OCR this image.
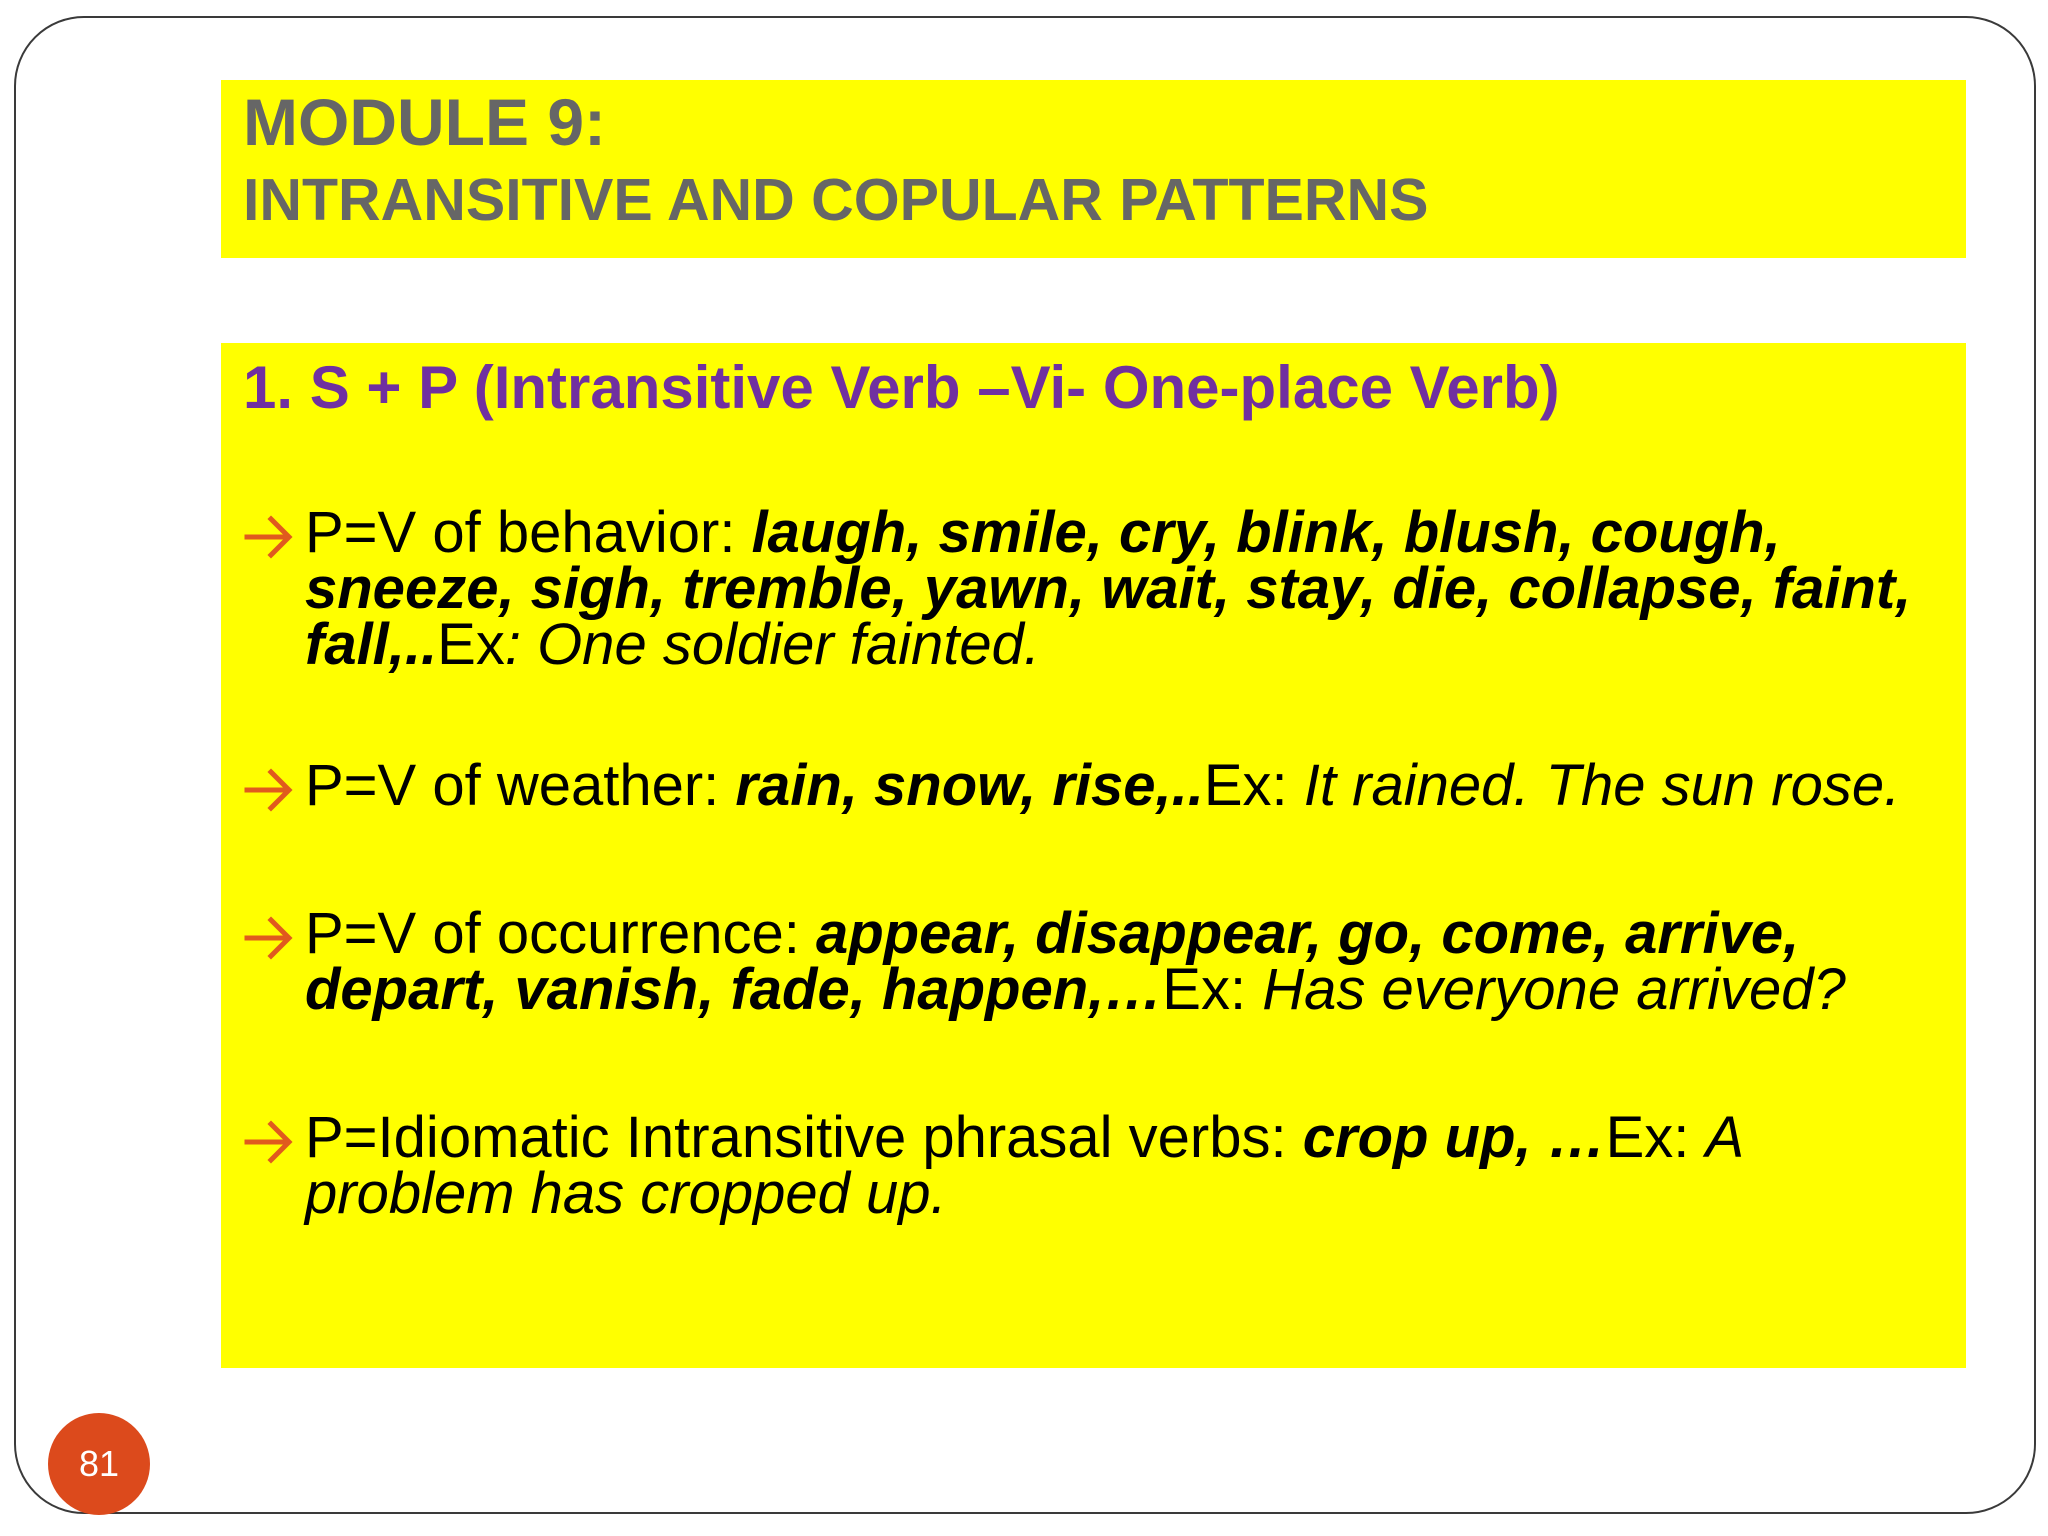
MODULE 9:
INTRANSITIVE AND COPULAR PATTERNS
1. S + P (Intransitive Verb –Vi- One-place Verb)
P=V of behavior: laugh, smile, cry, blink, blush, cough, sneeze, sigh, tremble, yawn, wait, stay, die, collapse, faint, fall,..Ex: One soldier fainted.
P=V of weather: rain, snow, rise,..Ex: It rained. The sun rose.
P=V of occurrence: appear, disappear, go, come, arrive, depart, vanish, fade, happen,…Ex: Has everyone arrived?
P=Idiomatic Intransitive phrasal verbs: crop up, …Ex: A problem has cropped up.
81
